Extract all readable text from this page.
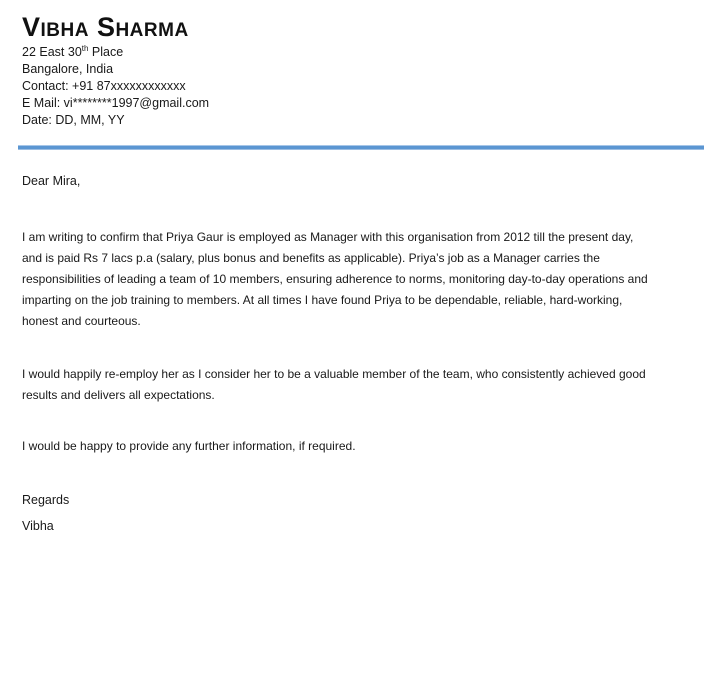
Vibha Sharma
22 East 30th Place
Bangalore, India
Contact: +91 87xxxxxxxxxxxx
E Mail: vi********1997@gmail.com
Date: DD, MM, YY
Dear Mira,

I am writing to confirm that Priya Gaur is employed as Manager with this organisation from 2012 till the present day,
and is paid Rs 7 lacs p.a (salary, plus bonus and benefits as applicable). Priya’s job as a Manager carries the
responsibilities of leading a team of 10 members, ensuring adherence to norms, monitoring day-to-day operations and
imparting on the job training to members. At all times I have found Priya to be dependable, reliable, hard-working,
honest and courteous.

I would happily re-employ her as I consider her to be a valuable member of the team, who consistently achieved good
results and delivers all expectations.

I would be happy to provide any further information, if required.

Regards
Vibha
